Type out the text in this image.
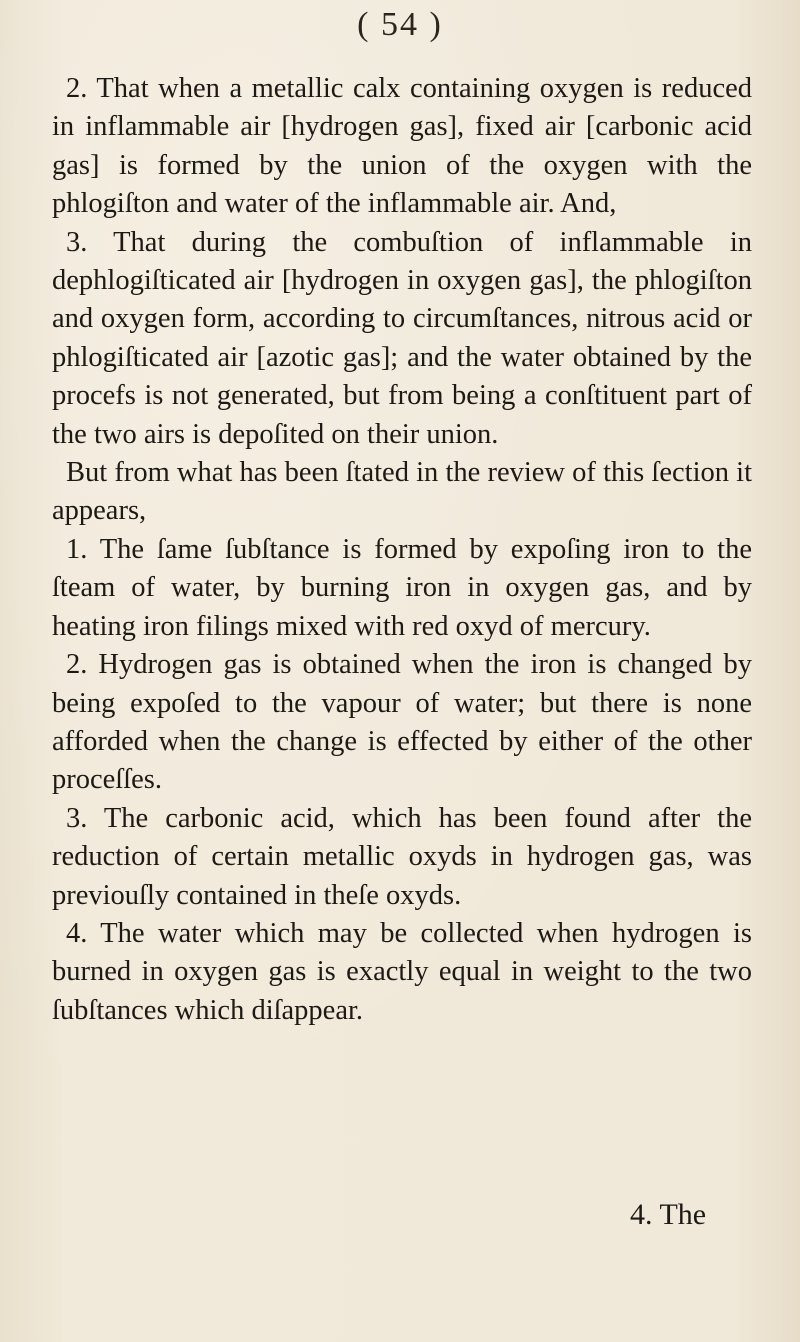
( 54 )

2. That when a metallic calx containing oxygen is reduced in inflammable air [hydrogen gas], fixed air [carbonic acid gas] is formed by the union of the oxygen with the phlogiſton and water of the inflammable air. And,

3. That during the combuſtion of inflammable in dephlogiſticated air [hydrogen in oxygen gas], the phlogiſton and oxygen form, according to circumſtances, nitrous acid or phlogiſticated air [azotic gas]; and the water obtained by the procefs is not generated, but from being a conſtituent part of the two airs is depoſited on their union.

But from what has been ſtated in the review of this ſection it appears,

1. The ſame ſubſtance is formed by expoſing iron to the ſteam of water, by burning iron in oxygen gas, and by heating iron filings mixed with red oxyd of mercury.

2. Hydrogen gas is obtained when the iron is changed by being expoſed to the vapour of water; but there is none afforded when the change is effected by either of the other proceſſes.

3. The carbonic acid, which has been found after the reduction of certain metallic oxyds in hydrogen gas, was previouſly contained in theſe oxyds.

4. The water which may be collected when hydrogen is burned in oxygen gas is exactly equal in weight to the two ſubſtances which diſappear.

4. The
